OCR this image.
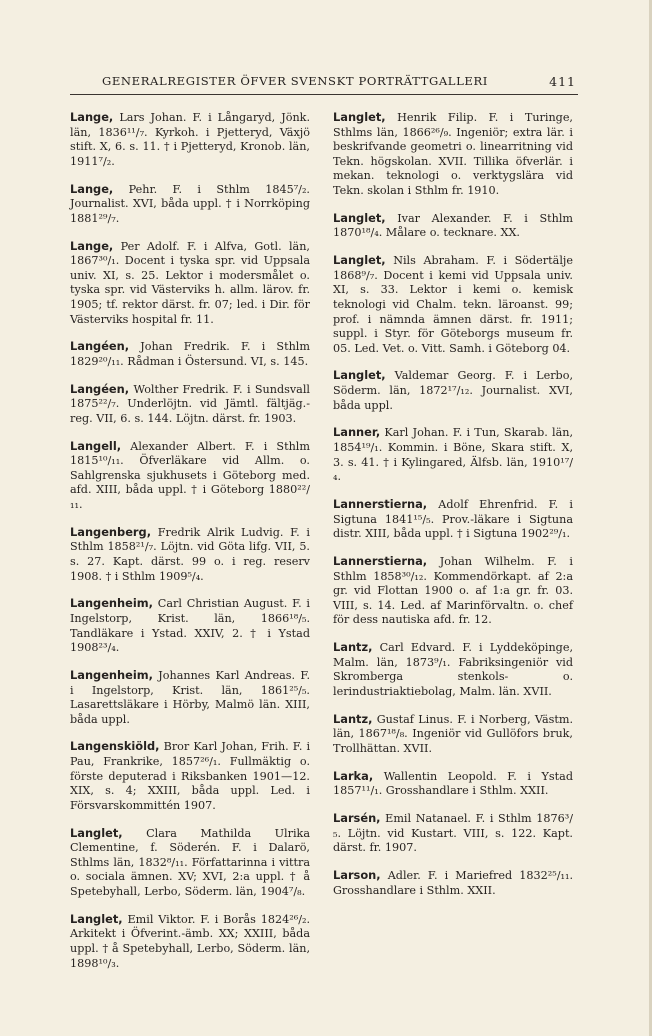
GENERALREGISTER ÖFVER SVENSKT PORTRÄTTGALLERI	411

Lange, Lars Johan. F. i Långaryd, Jönk. län, 1836¹¹/₇. Kyrkoh. i Pjetteryd, Växjö stift. X, 6. s. 11. † i Pjetteryd, Kronob. län, 1911⁷/₂.

Lange, Pehr. F. i Sthlm 1845⁷/₂. Journalist. XVI, båda uppl. † i Norrköping 1881²⁹/₇.

Lange, Per Adolf. F. i Alfva, Gotl. län, 1867³⁰/₁. Docent i tyska spr. vid Uppsala univ. XI, s. 25. Lektor i modersmålet o. tyska spr. vid Västerviks h. allm. lärov. fr. 1905; tf. rektor därst. fr. 07; led. i Dir. för Västerviks hospital fr. 11.

Langéen, Johan Fredrik. F. i Sthlm 1829²⁰/₁₁. Rådman i Östersund. VI, s. 145.

Langéen, Wolther Fredrik. F. i Sundsvall 1875²²/₇. Underlöjtn. vid Jämtl. fältjäg.-reg. VII, 6. s. 144. Löjtn. därst. fr. 1903.

Langell, Alexander Albert. F. i Sthlm 1815¹⁰/₁₁. Öfverläkare vid Allm. o. Sahlgrenska sjukhusets i Göteborg med. afd. XIII, båda uppl. † i Göteborg 1880²²/₁₁.

Langenberg, Fredrik Alrik Ludvig. F. i Sthlm 1858²¹/₇. Löjtn. vid Göta lifg. VII, 5. s. 27. Kapt. därst. 99 o. i reg. reserv 1908. † i Sthlm 1909⁵/₄.

Langenheim, Carl Christian August. F. i Ingelstorp, Krist. län, 1866¹⁸/₅. Tandläkare i Ystad. XXIV, 2. † i Ystad 1908²³/₄.

Langenheim, Johannes Karl Andreas. F. i Ingelstorp, Krist. län, 1861²⁵/₅. Lasarettsläkare i Hörby, Malmö län. XIII, båda uppl.

Langenskiöld, Bror Karl Johan, Frih. F. i Pau, Frankrike, 1857²⁶/₁. Fullmäktig o. förste deputerad i Riksbanken 1901—12. XIX, s. 4; XXIII, båda uppl. Led. i Försvarskommittén 1907.

Langlet, Clara Mathilda Ulrika Clementine, f. Söderén. F. i Dalarö, Sthlms län, 1832⁸/₁₁. Författarinna i vittra o. sociala ämnen. XV; XVI, 2:a uppl. † å Spetebyhall, Lerbo, Söderm. län, 1904⁷/₈.

Langlet, Emil Viktor. F. i Borås 1824²⁶/₂. Arkitekt i Öfverint.-ämb. XX; XXIII, båda uppl. † å Spetebyhall, Lerbo, Söderm. län, 1898¹⁰/₃.

Langlet, Henrik Filip. F. i Turinge, Sthlms län, 1866²⁶/₉. Ingeniör; extra lär. i beskrifvande geometri o. linearritning vid Tekn. högskolan. XVII. Tillika öfverlär. i mekan. teknologi o. verktygslära vid Tekn. skolan i Sthlm fr. 1910.

Langlet, Ivar Alexander. F. i Sthlm 1870¹⁸/₄. Målare o. tecknare. XX.

Langlet, Nils Abraham. F. i Södertälje 1868⁹/₇. Docent i kemi vid Uppsala univ. XI, s. 33. Lektor i kemi o. kemisk teknologi vid Chalm. tekn. läroanst. 99; prof. i nämnda ämnen därst. fr. 1911; suppl. i Styr. för Göteborgs museum fr. 05. Led. Vet. o. Vitt. Samh. i Göteborg 04.

Langlet, Valdemar Georg. F. i Lerbo, Söderm. län, 1872¹⁷/₁₂. Journalist. XVI, båda uppl.

Lanner, Karl Johan. F. i Tun, Skarab. län, 1854¹⁹/₁. Kommin. i Böne, Skara stift. X, 3. s. 41. † i Kylingared, Älfsb. län, 1910¹⁷/₄.

Lannerstierna, Adolf Ehrenfrid. F. i Sigtuna 1841¹⁵/₅. Prov.-läkare i Sigtuna distr. XIII, båda uppl. † i Sigtuna 1902²⁹/₁.

Lannerstierna, Johan Wilhelm. F. i Sthlm 1858³⁰/₁₂. Kommendörkapt. af 2:a gr. vid Flottan 1900 o. af 1:a gr. fr. 03. VIII, s. 14. Led. af Marinförvaltn. o. chef för dess nautiska afd. fr. 12.

Lantz, Carl Edvard. F. i Lyddeköpinge, Malm. län, 1873⁹/₁. Fabriksingeniör vid Skromberga stenkols- o. lerindustriaktiebolag, Malm. län. XVII.

Lantz, Gustaf Linus. F. i Norberg, Västm. län, 1867¹⁸/₈. Ingeniör vid Gullöfors bruk, Trollhättan. XVII.

Larka, Wallentin Leopold. F. i Ystad 1857¹¹/₁. Grosshandlare i Sthlm. XXII.

Larsén, Emil Natanael. F. i Sthlm 1876³/₅. Löjtn. vid Kustart. VIII, s. 122. Kapt. därst. fr. 1907.

Larson, Adler. F. i Mariefred 1832²⁵/₁₁. Grosshandlare i Sthlm. XXII.
